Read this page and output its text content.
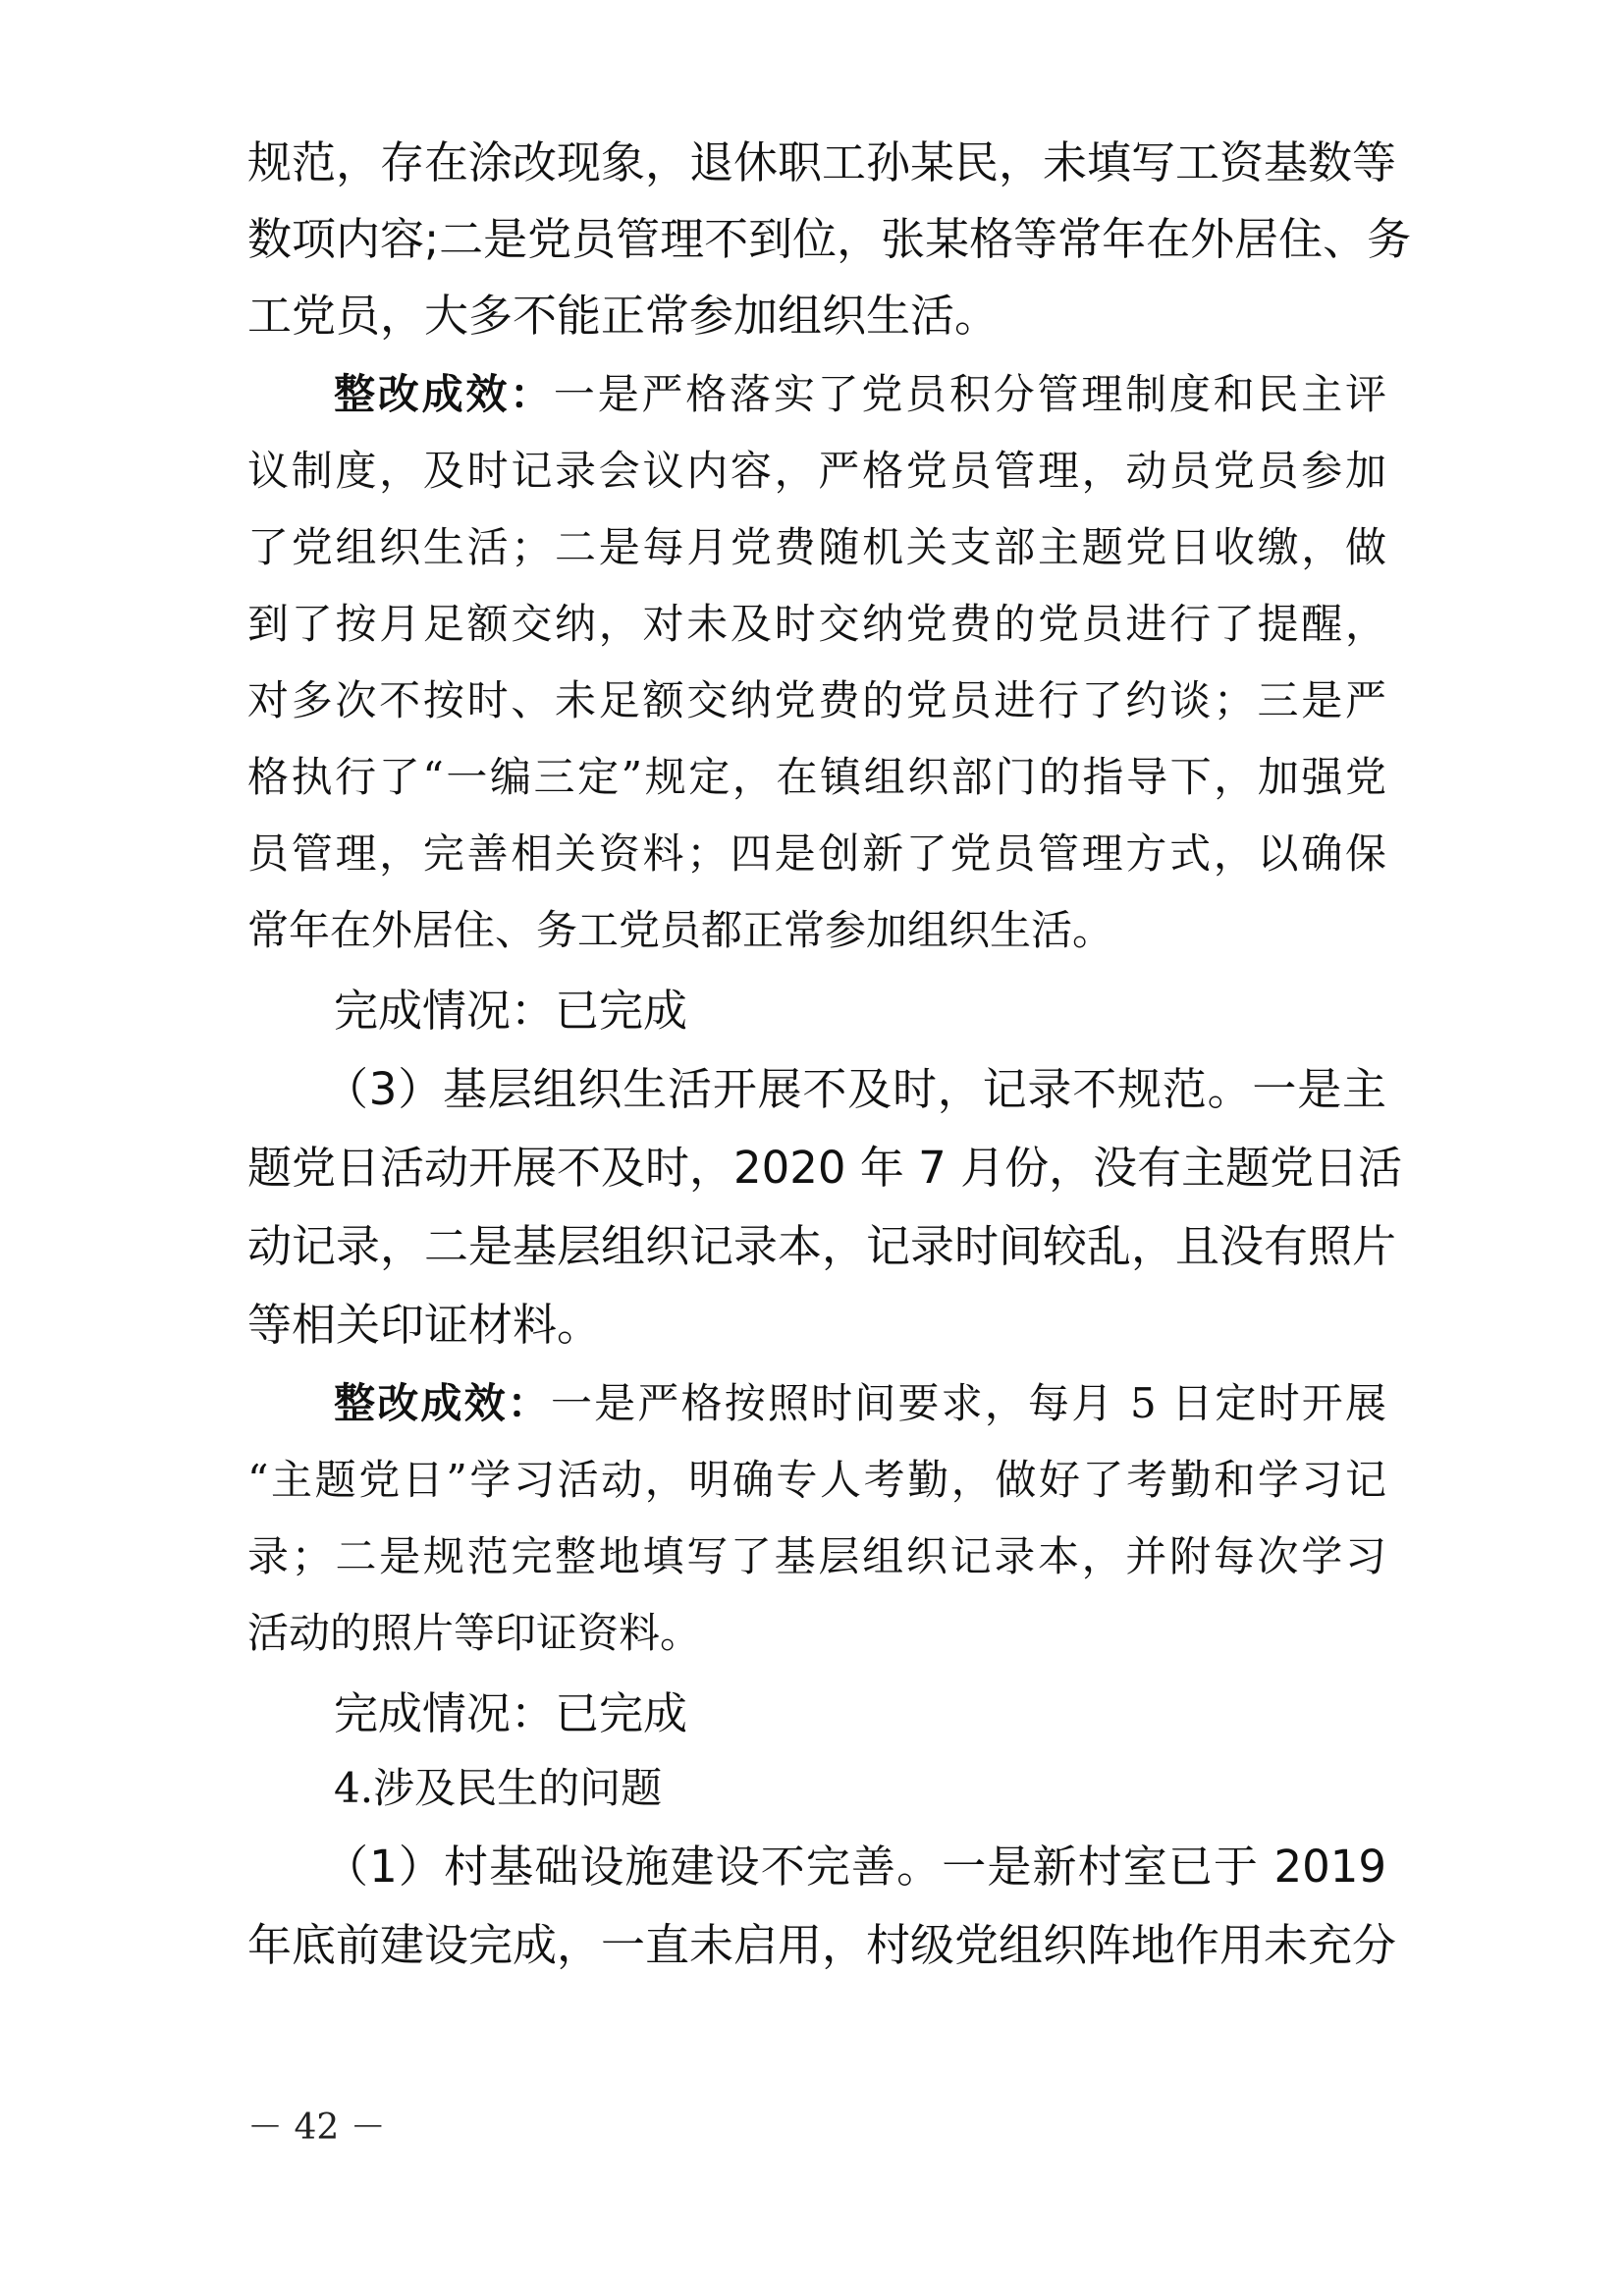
规范，存在涂改现象，退休职工孙某民，未填写工资基数等
数项内容;二是党员管理不到位，张某格等常年在外居住、务
工党员，大多不能正常参加组织生活。
整改成效：一是严格落实了党员积分管理制度和民主评
议制度，及时记录会议内容，严格党员管理，动员党员参加
了党组织生活；二是每月党费随机关支部主题党日收缴，做
到了按月足额交纳，对未及时交纳党费的党员进行了提醒，
对多次不按时、未足额交纳党费的党员进行了约谈；三是严
格执行了“一编三定”规定，在镇组织部门的指导下，加强党
员管理，完善相关资料；四是创新了党员管理方式，以确保
常年在外居住、务工党员都正常参加组织生活。
完成情况：已完成
（3）基层组织生活开展不及时，记录不规范。一是主
题党日活动开展不及时，2020 年 7 月份，没有主题党日活
动记录，二是基层组织记录本，记录时间较乱，且没有照片
等相关印证材料。
整改成效：一是严格按照时间要求，每月 5 日定时开展
“主题党日”学习活动，明确专人考勤，做好了考勤和学习记
录；二是规范完整地填写了基层组织记录本，并附每次学习
活动的照片等印证资料。
完成情况：已完成
4.涉及民生的问题
（1）村基础设施建设不完善。一是新村室已于 2019
年底前建设完成，一直未启用，村级党组织阵地作用未充分
－ 42 －
